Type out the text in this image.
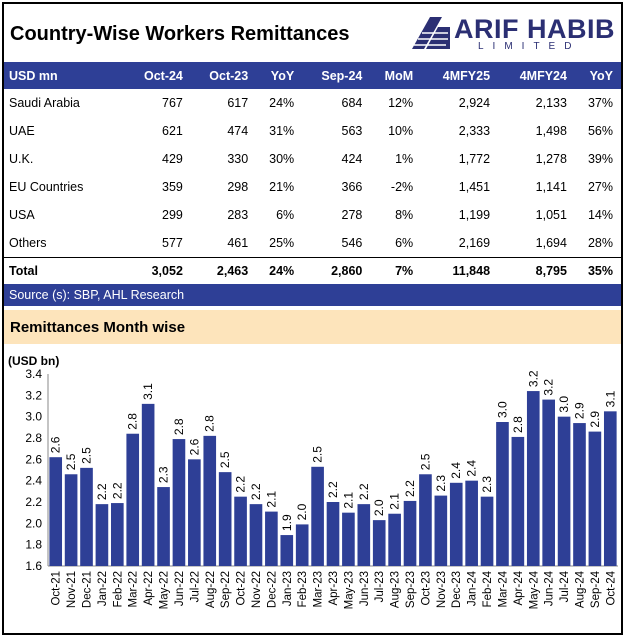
Country-Wise Workers Remittances	ARIF HABIB
LIMITED
USD mn	Oct-24	Oct-23	YoY	Sep-24	MoM	4MFY25	4MFY24	YoY
Saudi Arabia	767	617	24%	684	12%	2,924	2,133	37%
UAE	621	474	31%	563	10%	2,333	1,498	56%
U.K.	429	330	30%	424	1%	1,772	1,278	39%
EU Countries	359	298	21%	366	-2%	1,451	1,141	27%
USA	299	283	6%	278	8%	1,199	1,051	14%
Others	577	461	25%	546	6%	2,169	1,694	28%
Total	3,052	2,463	24%	2,860	7%	11,848	8,795	35%
Source (s): SBP, AHL Research
Remittances Month wise
(USD bn)
1.6
1.8
2.0
2.2
2.4
2.6
2.8
3.0
3.2
3.4
2.6
Oct-21
2.5
Nov-21
2.5
Dec-21
2.2
Jan-22
2.2
Feb-22
2.8
Mar-22
3.1
Apr-22
2.3
May-22
2.8
Jun-22
2.6
Jul-22
2.8
Aug-22
2.5
Sep-22
2.2
Oct-22
2.2
Nov-22
2.1
Dec-22
1.9
Jan-23
2.0
Feb-23
2.5
Mar-23
2.2
Apr-23
2.1
May-23
2.2
Jun-23
2.0
Jul-23
2.1
Aug-23
2.2
Sep-23
2.5
Oct-23
2.3
Nov-23
2.4
Dec-23
2.4
Jan-24
2.3
Feb-24
3.0
Mar-24
2.8
Apr-24
3.2
May-24
3.2
Jun-24
3.0
Jul-24
2.9
Aug-24
2.9
Sep-24
3.1
Oct-24
